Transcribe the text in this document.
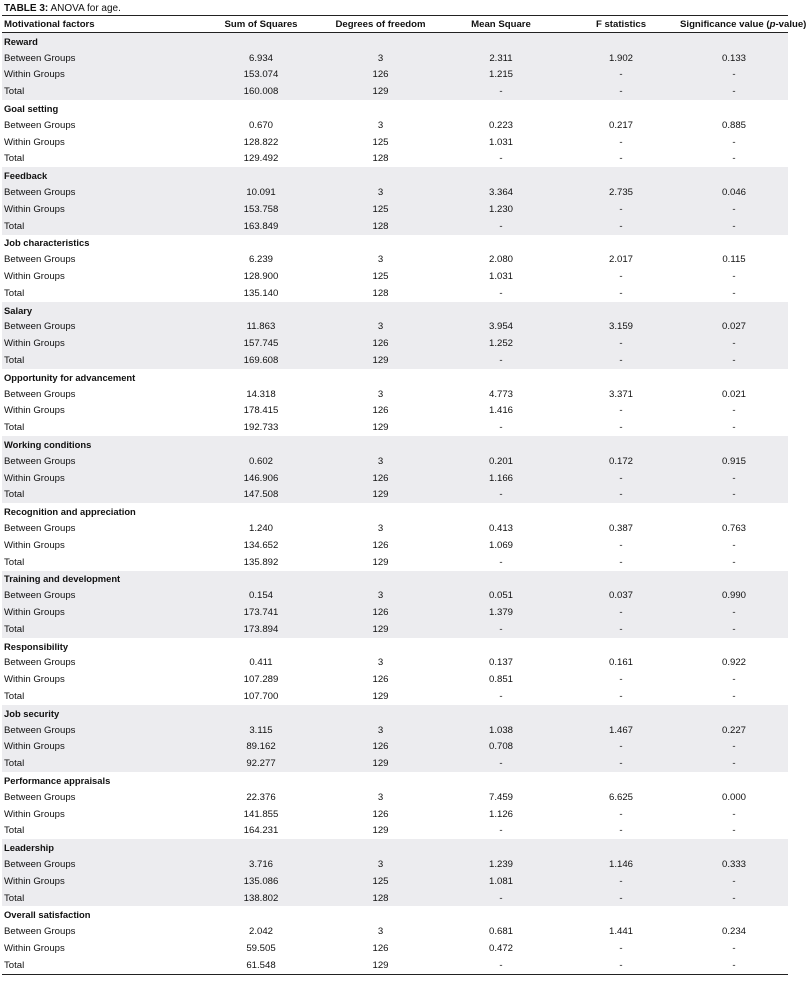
TABLE 3: ANOVA for age.
Motivational factors	Sum of Squares	Degrees of freedom	Mean Square	F statistics	Significance value (p-value)
Reward					
Between Groups	6.934	3	2.311	1.902	0.133
Within Groups	153.074	126	1.215	-	-
Total	160.008	129	-	-	-
Goal setting					
Between Groups	0.670	3	0.223	0.217	0.885
Within Groups	128.822	125	1.031	-	-
Total	129.492	128	-	-	-
Feedback					
Between Groups	10.091	3	3.364	2.735	0.046
Within Groups	153.758	125	1.230	-	-
Total	163.849	128	-	-	-
Job characteristics					
Between Groups	6.239	3	2.080	2.017	0.115
Within Groups	128.900	125	1.031	-	-
Total	135.140	128	-	-	-
Salary					
Between Groups	11.863	3	3.954	3.159	0.027
Within Groups	157.745	126	1.252	-	-
Total	169.608	129	-	-	-
Opportunity for advancement					
Between Groups	14.318	3	4.773	3.371	0.021
Within Groups	178.415	126	1.416	-	-
Total	192.733	129	-	-	-
Working conditions					
Between Groups	0.602	3	0.201	0.172	0.915
Within Groups	146.906	126	1.166	-	-
Total	147.508	129	-	-	-
Recognition and appreciation					
Between Groups	1.240	3	0.413	0.387	0.763
Within Groups	134.652	126	1.069	-	-
Total	135.892	129	-	-	-
Training and development					
Between Groups	0.154	3	0.051	0.037	0.990
Within Groups	173.741	126	1.379	-	-
Total	173.894	129	-	-	-
Responsibility					
Between Groups	0.411	3	0.137	0.161	0.922
Within Groups	107.289	126	0.851	-	-
Total	107.700	129	-	-	-
Job security					
Between Groups	3.115	3	1.038	1.467	0.227
Within Groups	89.162	126	0.708	-	-
Total	92.277	129	-	-	-
Performance appraisals					
Between Groups	22.376	3	7.459	6.625	0.000
Within Groups	141.855	126	1.126	-	-
Total	164.231	129	-	-	-
Leadership					
Between Groups	3.716	3	1.239	1.146	0.333
Within Groups	135.086	125	1.081	-	-
Total	138.802	128	-	-	-
Overall satisfaction					
Between Groups	2.042	3	0.681	1.441	0.234
Within Groups	59.505	126	0.472	-	-
Total	61.548	129	-	-	-
